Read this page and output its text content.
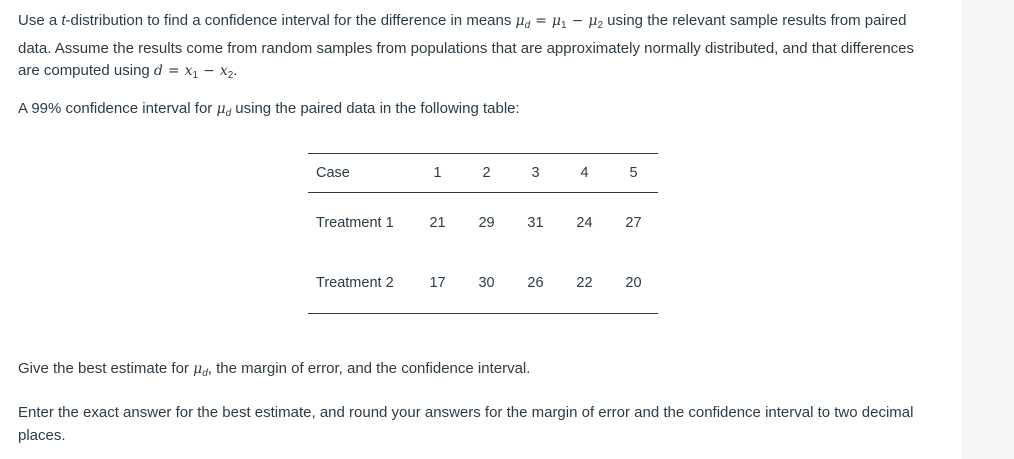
Use a t-distribution to find a confidence interval for the difference in means $\mu_d = \mu_1 - \mu_2$ using the relevant sample results from paired data. Assume the results come from random samples from populations that are approximately normally distributed, and that differences are computed using $d = x_1 - x_2$.

A 99% confidence interval for $\mu_d$ using the paired data in the following table:

Case	1	2	3	4	5
Treatment 1	21	29	31	24	27
Treatment 2	17	30	26	22	20

Give the best estimate for $\mu_d$, the margin of error, and the confidence interval.

Enter the exact answer for the best estimate, and round your answers for the margin of error and the confidence interval to two decimal places.
